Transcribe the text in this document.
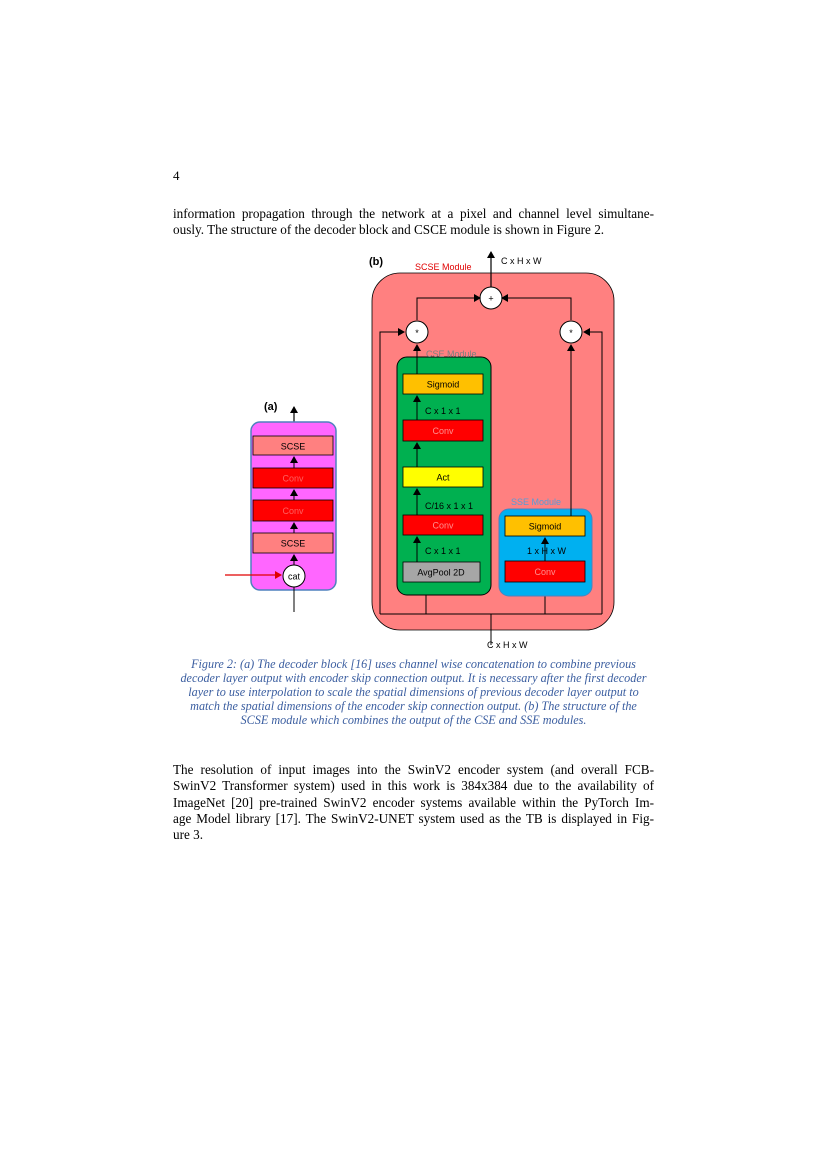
4
information propagation through the network at a pixel and channel level simultane-
ously. The structure of the decoder block and CSCE module is shown in Figure 2.
(a)
SCSE
Conv
Conv
SCSE
cat
(b)	SCSE Module
C x H x W
+
*	*
C x H x W
CSE Module
Sigmoid
C x 1 x 1
Conv
Act
C/16 x 1 x 1
Conv
C x 1 x 1
AvgPool 2D
SSE Module
Sigmoid
1 x H x W
Conv
Figure 2: (a) The decoder block [16] uses channel wise concatenation to combine previous
decoder layer output with encoder skip connection output. It is necessary after the first decoder
layer to use interpolation to scale the spatial dimensions of previous decoder layer output to
match the spatial dimensions of the encoder skip connection output. (b) The structure of the
SCSE module which combines the output of the CSE and SSE modules.
The resolution of input images into the SwinV2 encoder system (and overall FCB-
SwinV2 Transformer system) used in this work is 384x384 due to the availability of
ImageNet [20] pre-trained SwinV2 encoder systems available within the PyTorch Im-
age Model library [17]. The SwinV2-UNET system used as the TB is displayed in Fig-
ure 3.
